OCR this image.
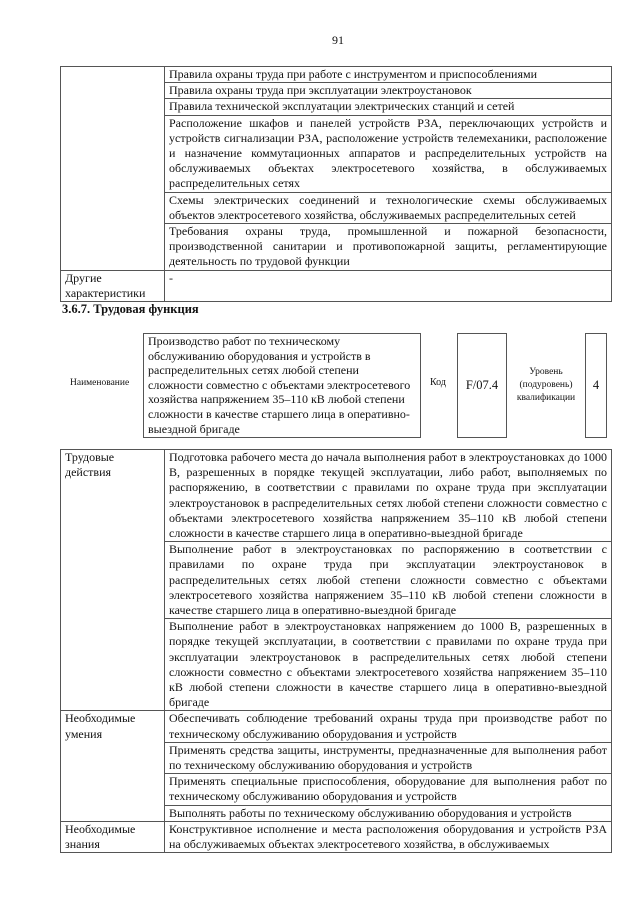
91
	Правила охраны труда при работе с инструментом и приспособлениями
	Правила охраны труда при эксплуатации электроустановок
	Правила технической эксплуатации электрических станций и сетей
	Расположение шкафов и панелей устройств РЗА, переключающих устройств и устройств сигнализации РЗА, расположение устройств телемеханики, расположение и назначение коммутационных аппаратов и распределительных устройств на обслуживаемых объектах электросетевого хозяйства, в обслуживаемых распределительных сетях
	Схемы электрических соединений и технологические схемы обслуживаемых объектов электросетевого хозяйства, обслуживаемых распределительных сетей
	Требования охраны труда, промышленной и пожарной безопасности, производственной санитарии и противопожарной защиты, регламентирующие деятельность по трудовой функции
Другие характеристики	-
3.6.7. Трудовая функция
Наименование
Производство работ по техническому обслуживанию оборудования и устройств в распределительных сетях любой степени сложности совместно с объектами электросетевого хозяйства напряжением 35–110 кВ любой степени сложности в качестве старшего лица в оперативно-выездной бригаде
Код	F/07.4
Уровень (подуровень) квалификации
4
Трудовые действия	Подготовка рабочего места до начала выполнения работ в электроустановках до 1000 В, разрешенных в порядке текущей эксплуатации, либо работ, выполняемых по распоряжению, в соответствии с правилами по охране труда при эксплуатации электроустановок в распределительных сетях любой степени сложности совместно с объектами электросетевого хозяйства напряжением 35–110 кВ любой степени сложности в качестве старшего лица в оперативно-выездной бригаде
	Выполнение работ в электроустановках по распоряжению в соответствии с правилами по охране труда при эксплуатации электроустановок в распределительных сетях любой степени сложности совместно с объектами электросетевого хозяйства напряжением 35–110 кВ любой степени сложности в качестве старшего лица в оперативно-выездной бригаде
	Выполнение работ в электроустановках напряжением до 1000 В, разрешенных в порядке текущей эксплуатации, в соответствии с правилами по охране труда при эксплуатации электроустановок в распределительных сетях любой степени сложности совместно с объектами электросетевого хозяйства напряжением 35–110 кВ любой степени сложности в качестве старшего лица в оперативно-выездной бригаде
Необходимые умения	Обеспечивать соблюдение требований охраны труда при производстве работ по техническому обслуживанию оборудования и устройств
	Применять средства защиты, инструменты, предназначенные для выполнения работ по техническому обслуживанию оборудования и устройств
	Применять специальные приспособления, оборудование для выполнения работ по техническому обслуживанию оборудования и устройств
	Выполнять работы по техническому обслуживанию оборудования и устройств
Необходимые знания	Конструктивное исполнение и места расположения оборудования и устройств РЗА на обслуживаемых объектах электросетевого хозяйства, в обслуживаемых
